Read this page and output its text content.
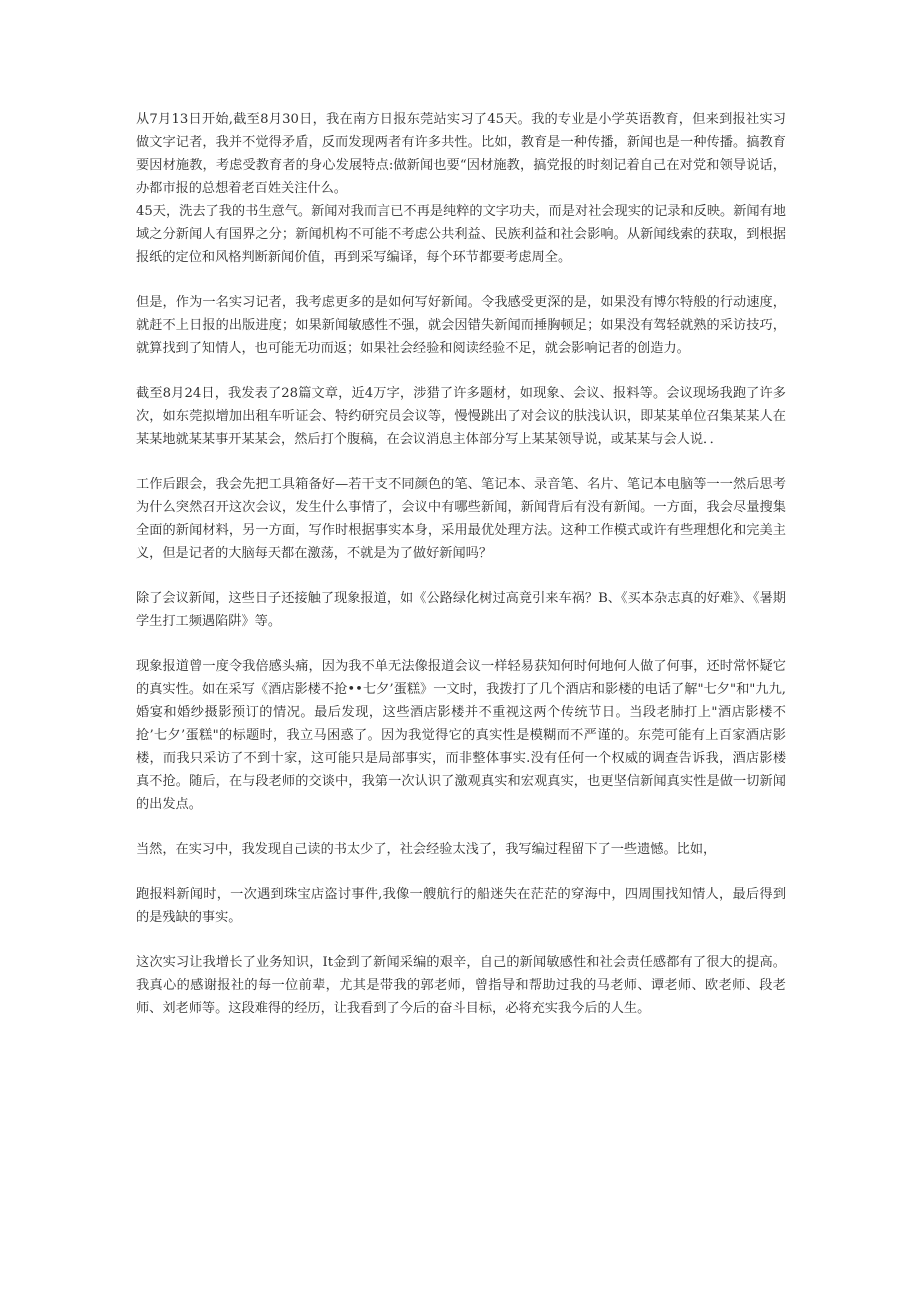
从7月13日开始,截至8月30日，我在南方日报东莞站实习了45天。我的专业是小学英语教育，但来到报社实习做文字记者，我并不觉得矛盾，反而发现两者有许多共性。比如，教育是一种传播，新闻也是一种传播。搞教育要因材施教，考虑受教育者的身心发展特点:做新闻也要“因材施教，搞党报的时刻记着自己在对党和领导说话，办都市报的总想着老百姓关注什么。

45天，洗去了我的书生意气。新闻对我而言已不再是纯粹的文字功夫，而是对社会现实的记录和反映。新闻有地域之分新闻人有国界之分；新闻机构不可能不考虑公共利益、民族利益和社会影响。从新闻线索的获取，到根据报纸的定位和风格判断新闻价值，再到采写编译，每个环节都要考虑周全。

但是，作为一名实习记者，我考虑更多的是如何写好新闻。令我感受更深的是，如果没有博尔特般的行动速度，就赶不上日报的出版进度；如果新闻敏感性不强，就会因错失新闻而捶胸顿足；如果没有驾轻就熟的采访技巧，就算找到了知情人，也可能无功而返；如果社会经验和阅读经验不足，就会影响记者的创造力。

截至8月24日，我发表了28篇文章，近4万字，涉猎了许多题材，如现象、会议、报料等。会议现场我跑了许多次，如东莞拟增加出租车听证会、特约研究员会议等，慢慢跳出了对会议的肤浅认识，即某某单位召集某某人在某某地就某某事开某某会，然后打个腹稿，在会议消息主体部分写上某某领导说，或某某与会人说．．

工作后跟会，我会先把工具箱备好—若干支不同颜色的笔、笔记本、录音笔、名片、笔记本电脑等一一然后思考为什么突然召开这次会议，发生什么事情了，会议中有哪些新闻，新闻背后有没有新闻。一方面，我会尽量搜集全面的新闻材料，另一方面，写作时根据事实本身，采用最优处理方法。这种工作模式或许有些理想化和完美主义，但是记者的大脑每天都在激荡，不就是为了做好新闻吗？

除了会议新闻，这些日子还接触了现象报道，如《公路绿化树过高竟引来车祸？B、《买本杂志真的好难》、《暑期学生打工频遇陷阱》等。

现象报道曾一度令我倍感头痛，因为我不单无法像报道会议一样轻易获知何时何地何人做了何事，还时常怀疑它的真实性。如在采写《酒店影楼不抢••七夕’蛋糕》一文时，我拨打了几个酒店和影楼的电话了解"七夕"和"九九,婚宴和婚纱摄影预订的情况。最后发现，这些酒店影楼并不重视这两个传统节日。当段老肺打上"酒店影楼不抢’七夕’蛋糕"的标题时，我立马困惑了。因为我觉得它的真实性是模糊而不严谨的。东莞可能有上百家酒店影楼，而我只采访了不到十家，这可能只是局部事实，而非整体事实.没有任何一个权威的调查告诉我，酒店影楼真不抢。随后，在与段老师的交谈中，我第一次认识了激观真实和宏观真实，也更坚信新闻真实性是做一切新闻的出发点。

当然，在实习中，我发现自己读的书太少了，社会经验太浅了，我写编过程留下了一些遗憾。比如，

跑报料新闻时，一次遇到珠宝店盗讨事件,我像一艘航行的船迷失在茫茫的穿海中，四周围找知情人，最后得到的是残缺的事实。

这次实习让我增长了业务知识，It金到了新闻采编的艰辛，自己的新闻敏感性和社会责任感都有了很大的提高。我真心的感谢报社的每一位前辈，尤其是带我的郭老师，曾指导和帮助过我的马老师、谭老师、欧老师、段老师、刘老师等。这段难得的经历，让我看到了今后的奋斗目标，必将充实我今后的人生。
